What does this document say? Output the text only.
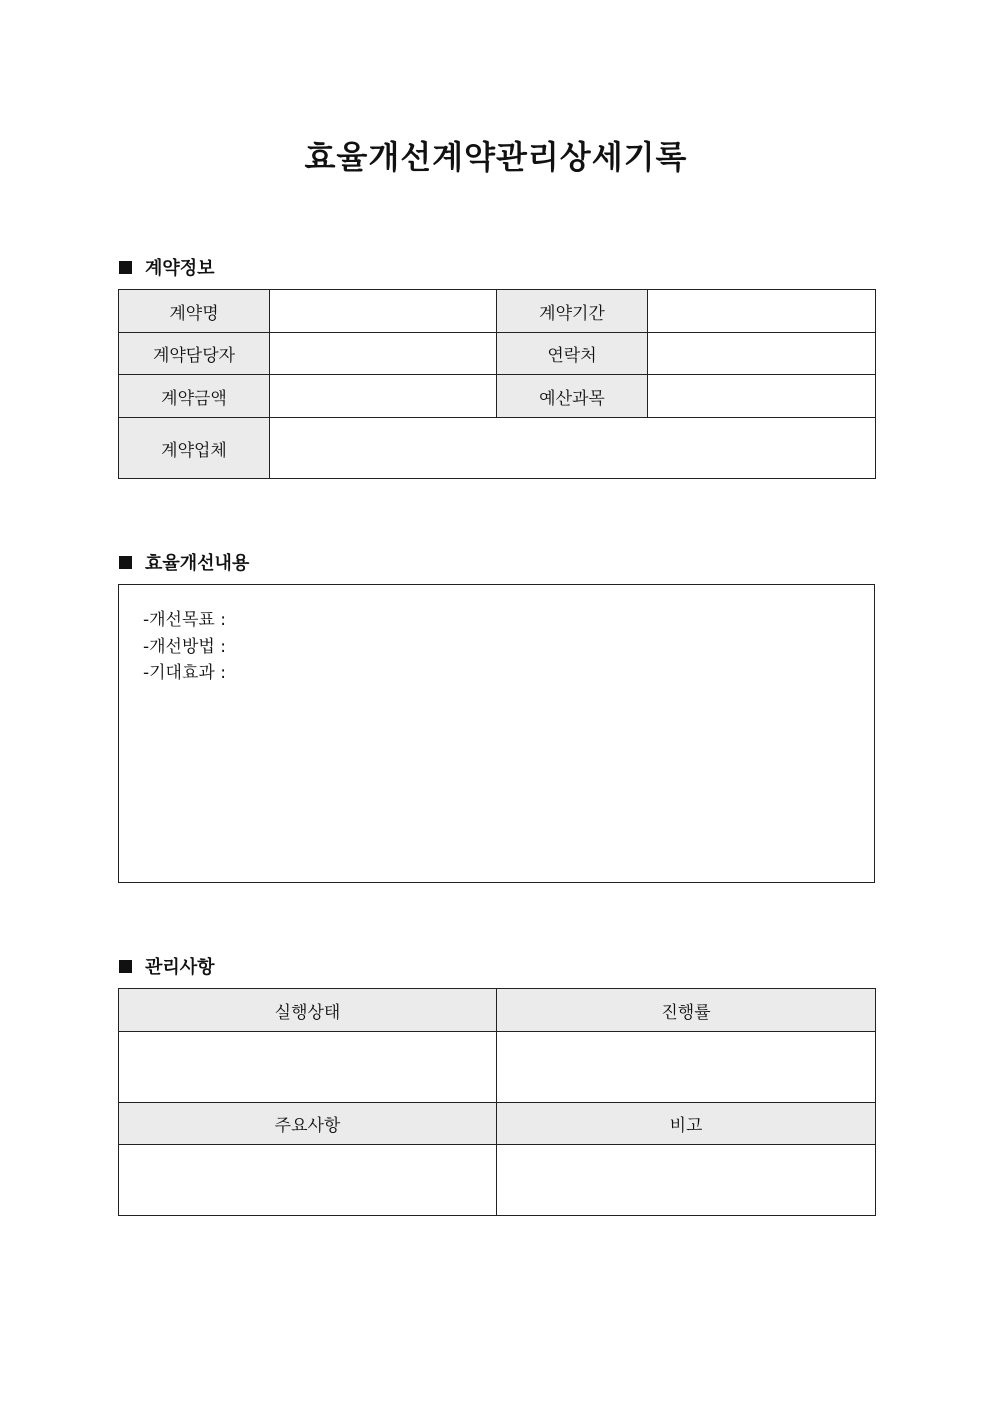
효율개선계약관리상세기록
계약정보
계약명		계약기간	
계약담당자		연락처	
계약금액		예산과목	
계약업체			
효율개선내용
-개선목표 :
-개선방법 :
-기대효과 :
관리사항
실행상태	진행률

주요사항	비고
